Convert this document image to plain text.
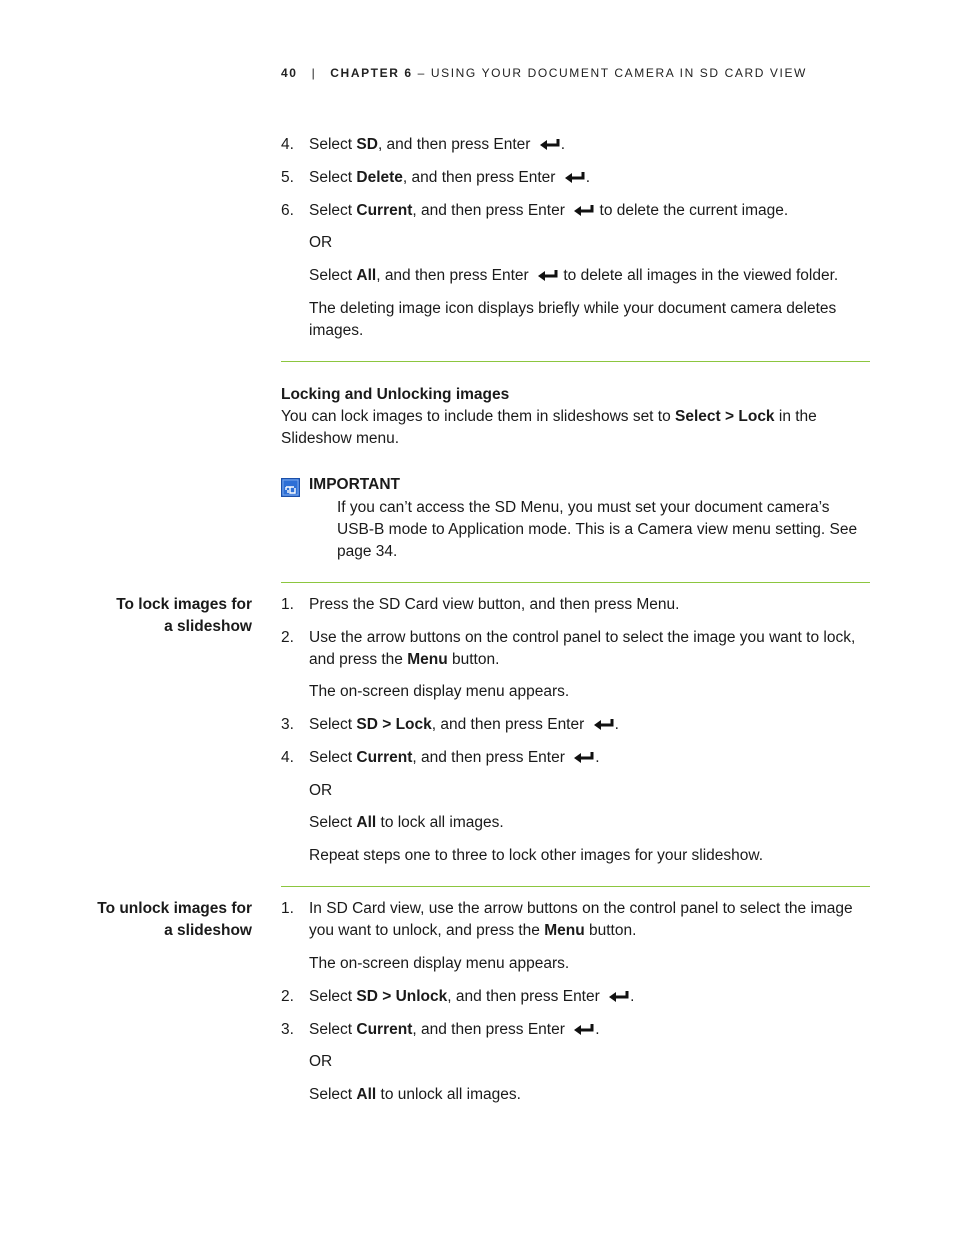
40 | CHAPTER 6 – USING YOUR DOCUMENT CAMERA IN SD CARD VIEW
4. Select SD, and then press Enter
.
5. Select Delete, and then press Enter
.
6. Select Current, and then press Enter
to delete the current image.
OR
Select All, and then press Enter
to delete all images in the viewed folder.
The deleting image icon displays briefly while your document camera deletes images.
Locking and Unlocking images
You can lock images to include them in slideshows set to Select > Lock in the Slideshow menu.
IMPORTANT
If you can’t access the SD Menu, you must set your document camera’s USB-B mode to Application mode. This is a Camera view menu setting. See page 34.
To lock images for
a slideshow
1. Press the SD Card view button, and then press Menu.
2. Use the arrow buttons on the control panel to select the image you want to lock, and press the Menu button.
The on-screen display menu appears.
3. Select SD > Lock, and then press Enter
.
4. Select Current, and then press Enter
.
OR
Select All to lock all images.
Repeat steps one to three to lock other images for your slideshow.
To unlock images for
a slideshow
1. In SD Card view, use the arrow buttons on the control panel to select the image you want to unlock, and press the Menu button.
The on-screen display menu appears.
2. Select SD > Unlock, and then press Enter
.
3. Select Current, and then press Enter
.
OR
Select All to unlock all images.
